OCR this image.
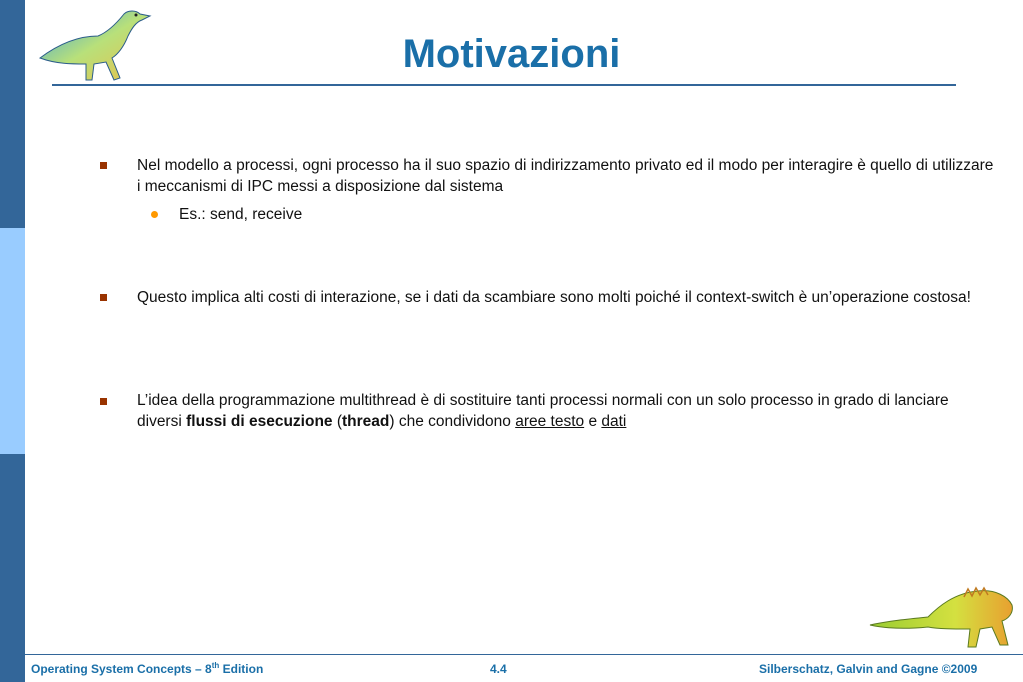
Motivazioni
Nel modello a processi, ogni processo ha il suo spazio di indirizzamento privato ed il modo per interagire è quello di utilizzare i meccanismi di IPC messi a disposizione dal sistema
Es.: send, receive
Questo implica alti costi di interazione, se i dati da scambiare sono molti poiché il context-switch è un’operazione costosa!
L’idea della programmazione multithread è di sostituire tanti processi normali con un solo processo in grado di lanciare diversi flussi di esecuzione (thread) che condividono aree testo e dati
Operating System Concepts – 8th Edition	4.4	Silberschatz, Galvin and Gagne ©2009
